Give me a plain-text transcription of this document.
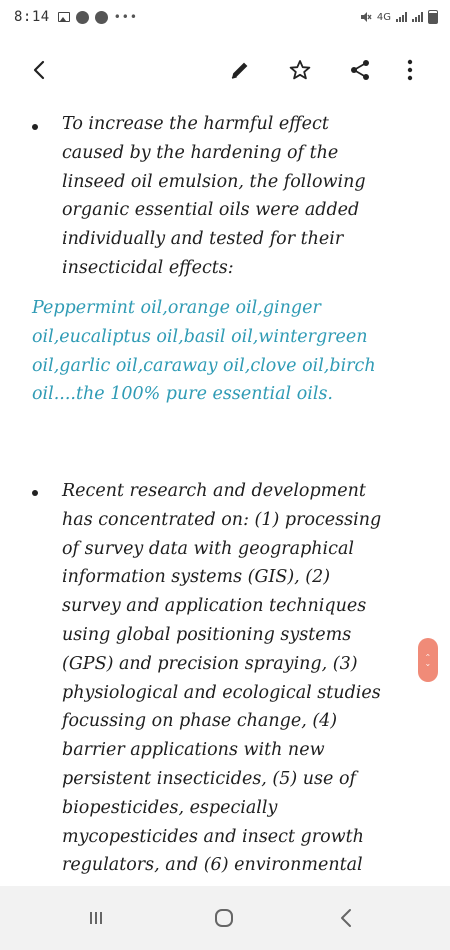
8:14	•••	4G
To increase the harmful effect
caused by the hardening of the
linseed oil emulsion, the following
organic essential oils were added
individually and tested for their
insecticidal effects:
Peppermint oil,orange oil,ginger
oil,eucaliptus oil,basil oil,wintergreen
oil,garlic oil,caraway oil,clove oil,birch
oil....the 100% pure essential oils.
Recent research and development
has concentrated on: (1) processing
of survey data with geographical
information systems (GIS), (2)
survey and application techniques
using global positioning systems
(GPS) and precision spraying, (3)
physiological and ecological studies
focussing on phase change, (4)
barrier applications with new
persistent insecticides, (5) use of
biopesticides, especially
mycopesticides and insect growth
regulators, and (6) environmental
‹
›
